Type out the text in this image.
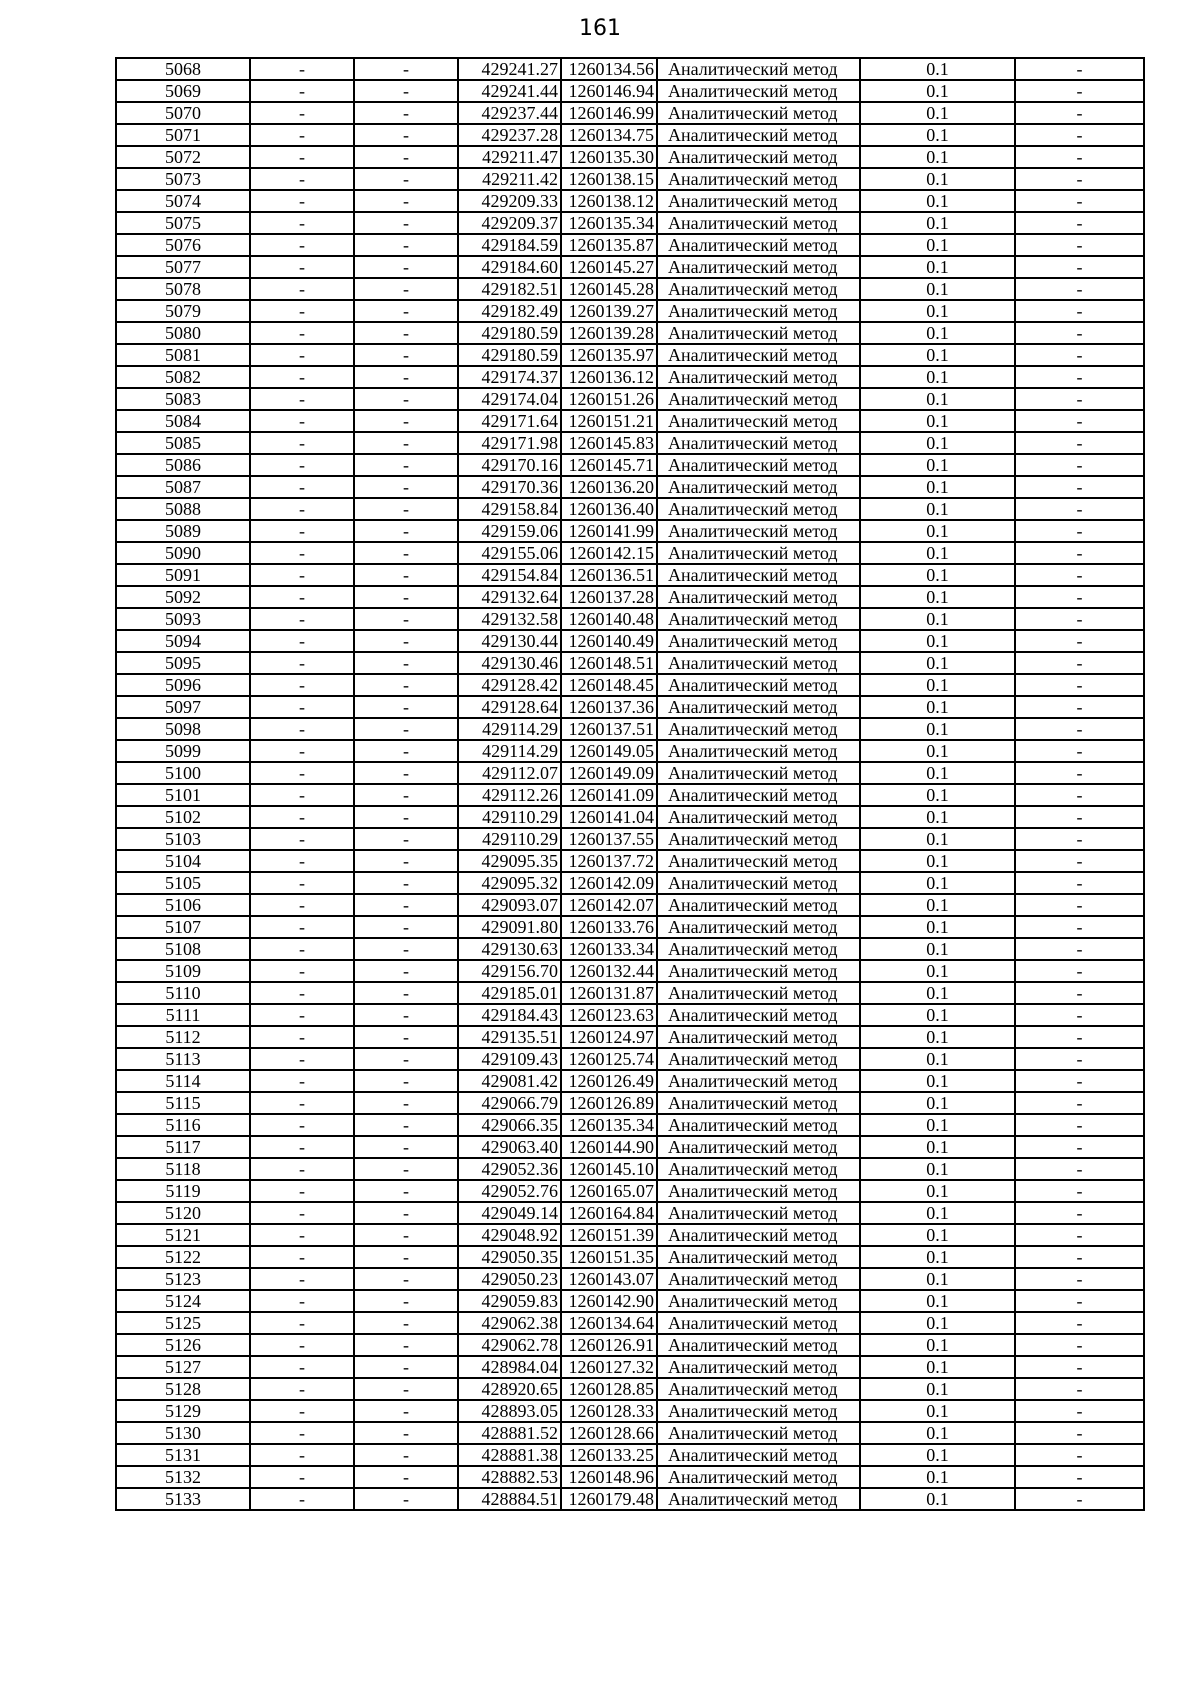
161
5068	-	-	429241.27	1260134.56	Аналитический метод	0.1	-
5069	-	-	429241.44	1260146.94	Аналитический метод	0.1	-
5070	-	-	429237.44	1260146.99	Аналитический метод	0.1	-
5071	-	-	429237.28	1260134.75	Аналитический метод	0.1	-
5072	-	-	429211.47	1260135.30	Аналитический метод	0.1	-
5073	-	-	429211.42	1260138.15	Аналитический метод	0.1	-
5074	-	-	429209.33	1260138.12	Аналитический метод	0.1	-
5075	-	-	429209.37	1260135.34	Аналитический метод	0.1	-
5076	-	-	429184.59	1260135.87	Аналитический метод	0.1	-
5077	-	-	429184.60	1260145.27	Аналитический метод	0.1	-
5078	-	-	429182.51	1260145.28	Аналитический метод	0.1	-
5079	-	-	429182.49	1260139.27	Аналитический метод	0.1	-
5080	-	-	429180.59	1260139.28	Аналитический метод	0.1	-
5081	-	-	429180.59	1260135.97	Аналитический метод	0.1	-
5082	-	-	429174.37	1260136.12	Аналитический метод	0.1	-
5083	-	-	429174.04	1260151.26	Аналитический метод	0.1	-
5084	-	-	429171.64	1260151.21	Аналитический метод	0.1	-
5085	-	-	429171.98	1260145.83	Аналитический метод	0.1	-
5086	-	-	429170.16	1260145.71	Аналитический метод	0.1	-
5087	-	-	429170.36	1260136.20	Аналитический метод	0.1	-
5088	-	-	429158.84	1260136.40	Аналитический метод	0.1	-
5089	-	-	429159.06	1260141.99	Аналитический метод	0.1	-
5090	-	-	429155.06	1260142.15	Аналитический метод	0.1	-
5091	-	-	429154.84	1260136.51	Аналитический метод	0.1	-
5092	-	-	429132.64	1260137.28	Аналитический метод	0.1	-
5093	-	-	429132.58	1260140.48	Аналитический метод	0.1	-
5094	-	-	429130.44	1260140.49	Аналитический метод	0.1	-
5095	-	-	429130.46	1260148.51	Аналитический метод	0.1	-
5096	-	-	429128.42	1260148.45	Аналитический метод	0.1	-
5097	-	-	429128.64	1260137.36	Аналитический метод	0.1	-
5098	-	-	429114.29	1260137.51	Аналитический метод	0.1	-
5099	-	-	429114.29	1260149.05	Аналитический метод	0.1	-
5100	-	-	429112.07	1260149.09	Аналитический метод	0.1	-
5101	-	-	429112.26	1260141.09	Аналитический метод	0.1	-
5102	-	-	429110.29	1260141.04	Аналитический метод	0.1	-
5103	-	-	429110.29	1260137.55	Аналитический метод	0.1	-
5104	-	-	429095.35	1260137.72	Аналитический метод	0.1	-
5105	-	-	429095.32	1260142.09	Аналитический метод	0.1	-
5106	-	-	429093.07	1260142.07	Аналитический метод	0.1	-
5107	-	-	429091.80	1260133.76	Аналитический метод	0.1	-
5108	-	-	429130.63	1260133.34	Аналитический метод	0.1	-
5109	-	-	429156.70	1260132.44	Аналитический метод	0.1	-
5110	-	-	429185.01	1260131.87	Аналитический метод	0.1	-
5111	-	-	429184.43	1260123.63	Аналитический метод	0.1	-
5112	-	-	429135.51	1260124.97	Аналитический метод	0.1	-
5113	-	-	429109.43	1260125.74	Аналитический метод	0.1	-
5114	-	-	429081.42	1260126.49	Аналитический метод	0.1	-
5115	-	-	429066.79	1260126.89	Аналитический метод	0.1	-
5116	-	-	429066.35	1260135.34	Аналитический метод	0.1	-
5117	-	-	429063.40	1260144.90	Аналитический метод	0.1	-
5118	-	-	429052.36	1260145.10	Аналитический метод	0.1	-
5119	-	-	429052.76	1260165.07	Аналитический метод	0.1	-
5120	-	-	429049.14	1260164.84	Аналитический метод	0.1	-
5121	-	-	429048.92	1260151.39	Аналитический метод	0.1	-
5122	-	-	429050.35	1260151.35	Аналитический метод	0.1	-
5123	-	-	429050.23	1260143.07	Аналитический метод	0.1	-
5124	-	-	429059.83	1260142.90	Аналитический метод	0.1	-
5125	-	-	429062.38	1260134.64	Аналитический метод	0.1	-
5126	-	-	429062.78	1260126.91	Аналитический метод	0.1	-
5127	-	-	428984.04	1260127.32	Аналитический метод	0.1	-
5128	-	-	428920.65	1260128.85	Аналитический метод	0.1	-
5129	-	-	428893.05	1260128.33	Аналитический метод	0.1	-
5130	-	-	428881.52	1260128.66	Аналитический метод	0.1	-
5131	-	-	428881.38	1260133.25	Аналитический метод	0.1	-
5132	-	-	428882.53	1260148.96	Аналитический метод	0.1	-
5133	-	-	428884.51	1260179.48	Аналитический метод	0.1	-
